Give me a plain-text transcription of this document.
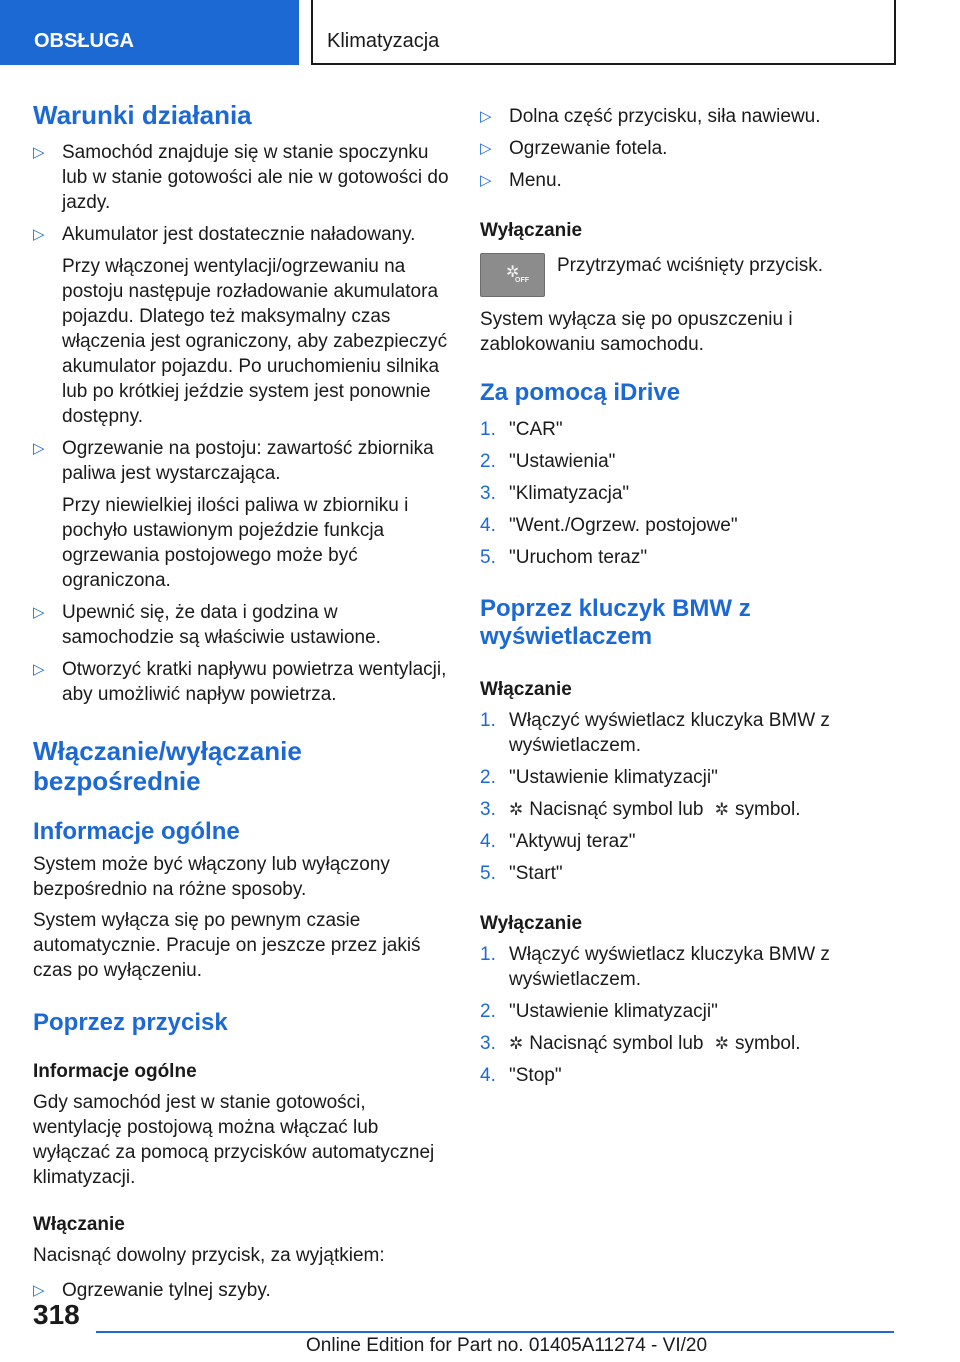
OBSŁUGA	Klimatyzacja
Warunki działania
▷ Samochód znajduje się w stanie spoczynku lub w stanie gotowości ale nie w gotowości do jazdy.
▷ Akumulator jest dostatecznie naładowany.

Przy włączonej wentylacji/ogrzewaniu na postoju następuje rozładowanie akumulatora pojazdu. Dlatego też maksymalny czas włączenia jest ograniczony, aby zabezpieczyć akumulator pojazdu. Po uruchomieniu silnika lub po krótkiej jeździe system jest ponownie dostępny.

▷ Ogrzewanie na postoju: zawartość zbiornika paliwa jest wystarczająca.

Przy niewielkiej ilości paliwa w zbiorniku i pochyło ustawionym pojeździe funkcja ogrzewania postojowego może być ograniczona.

▷ Upewnić się, że data i godzina w samochodzie są właściwie ustawione.
▷ Otworzyć kratki napływu powietrza wentylacji, aby umożliwić napływ powietrza.
Włączanie/wyłączanie bezpośrednie
Informacje ogólne

System może być włączony lub wyłączony bezpośrednio na różne sposoby.

System wyłącza się po pewnym czasie automatycznie. Pracuje on jeszcze przez jakiś czas po wyłączeniu.

Poprzez przycisk
Informacje ogólne

Gdy samochód jest w stanie gotowości, wentylację postojową można włączać lub wyłączać za pomocą przycisków automatycznej klimatyzacji.

Włączanie

Nacisnąć dowolny przycisk, za wyjątkiem:

▷ Ogrzewanie tylnej szyby.
▷ Dolna część przycisku, siła nawiewu.
▷ Ogrzewanie fotela.
▷ Menu.
Wyłączanie
✲
OFF

Przytrzymać wciśnięty przycisk.

System wyłącza się po opuszczeniu i zablokowaniu samochodu.

Za pomocą iDrive
1. "CAR"
2. "Ustawienia"
3. "Klimatyzacja"
4. "Went./Ogrzew. postojowe"
5. "Uruchom teraz"
Poprzez kluczyk BMW z wyświetlaczem
Włączanie
1. Włączyć wyświetlacz kluczyka BMW z wyświetlaczem.
2. "Ustawienie klimatyzacji"
3. ✲ Nacisnąć symbol lub ✲ symbol.
4. "Aktywuj teraz"
5. "Start"
Wyłączanie
1. Włączyć wyświetlacz kluczyka BMW z wyświetlaczem.
2. "Ustawienie klimatyzacji"
3. ✲ Nacisnąć symbol lub ✲ symbol.
4. "Stop"
318
Online Edition for Part no. 01405A11274 - VI/20
